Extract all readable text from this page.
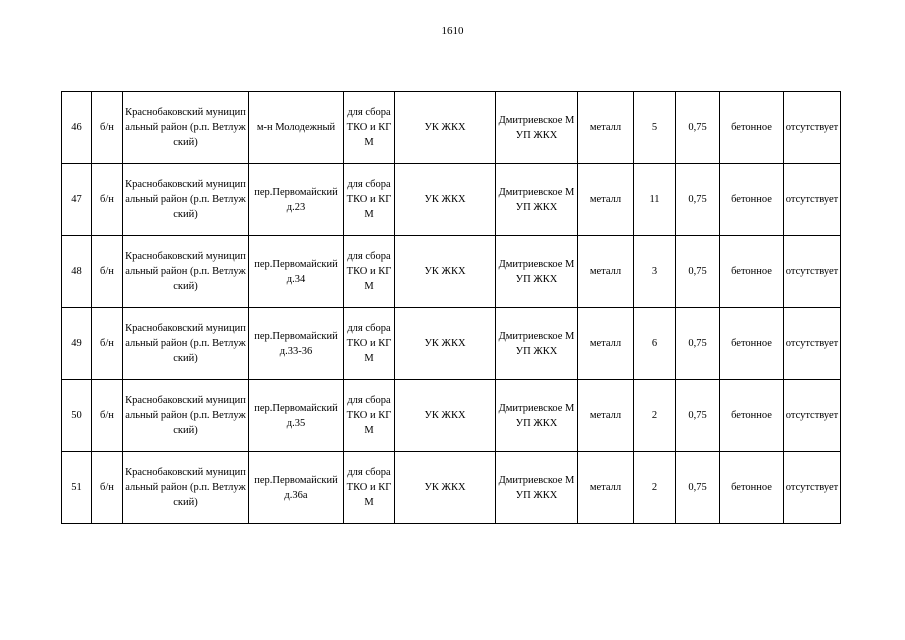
1610
46	б/н	Краснобаковский муниципальный район (р.п. Ветлужский)	м-н Молодежный	для сбора ТКО и КГМ	УК ЖКХ	Дмитриевское МУП ЖКХ	металл	5	0,75	бетонное	отсутствует
47	б/н	Краснобаковский муниципальный район (р.п. Ветлужский)	пер.Первомайский д.23	для сбора ТКО и КГМ	УК ЖКХ	Дмитриевское МУП ЖКХ	металл	11	0,75	бетонное	отсутствует
48	б/н	Краснобаковский муниципальный район (р.п. Ветлужский)	пер.Первомайский д.34	для сбора ТКО и КГМ	УК ЖКХ	Дмитриевское МУП ЖКХ	металл	3	0,75	бетонное	отсутствует
49	б/н	Краснобаковский муниципальный район (р.п. Ветлужский)	пер.Первомайский д.33-36	для сбора ТКО и КГМ	УК ЖКХ	Дмитриевское МУП ЖКХ	металл	6	0,75	бетонное	отсутствует
50	б/н	Краснобаковский муниципальный район (р.п. Ветлужский)	пер.Первомайский д.35	для сбора ТКО и КГМ	УК ЖКХ	Дмитриевское МУП ЖКХ	металл	2	0,75	бетонное	отсутствует
51	б/н	Краснобаковский муниципальный район (р.п. Ветлужский)	пер.Первомайский д.36а	для сбора ТКО и КГМ	УК ЖКХ	Дмитриевское МУП ЖКХ	металл	2	0,75	бетонное	отсутствует
